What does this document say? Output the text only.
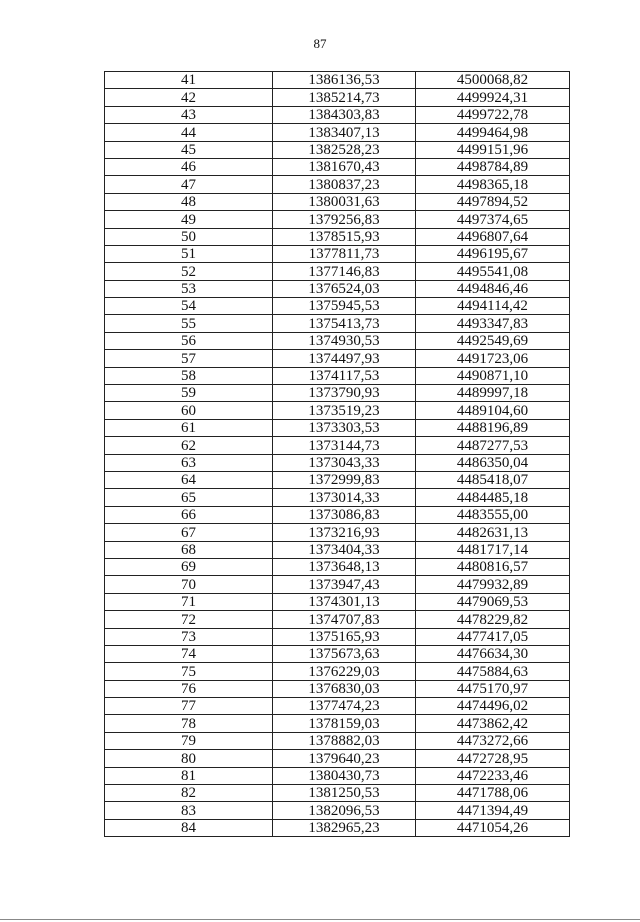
87
41	1386136,53	4500068,82
42	1385214,73	4499924,31
43	1384303,83	4499722,78
44	1383407,13	4499464,98
45	1382528,23	4499151,96
46	1381670,43	4498784,89
47	1380837,23	4498365,18
48	1380031,63	4497894,52
49	1379256,83	4497374,65
50	1378515,93	4496807,64
51	1377811,73	4496195,67
52	1377146,83	4495541,08
53	1376524,03	4494846,46
54	1375945,53	4494114,42
55	1375413,73	4493347,83
56	1374930,53	4492549,69
57	1374497,93	4491723,06
58	1374117,53	4490871,10
59	1373790,93	4489997,18
60	1373519,23	4489104,60
61	1373303,53	4488196,89
62	1373144,73	4487277,53
63	1373043,33	4486350,04
64	1372999,83	4485418,07
65	1373014,33	4484485,18
66	1373086,83	4483555,00
67	1373216,93	4482631,13
68	1373404,33	4481717,14
69	1373648,13	4480816,57
70	1373947,43	4479932,89
71	1374301,13	4479069,53
72	1374707,83	4478229,82
73	1375165,93	4477417,05
74	1375673,63	4476634,30
75	1376229,03	4475884,63
76	1376830,03	4475170,97
77	1377474,23	4474496,02
78	1378159,03	4473862,42
79	1378882,03	4473272,66
80	1379640,23	4472728,95
81	1380430,73	4472233,46
82	1381250,53	4471788,06
83	1382096,53	4471394,49
84	1382965,23	4471054,26
